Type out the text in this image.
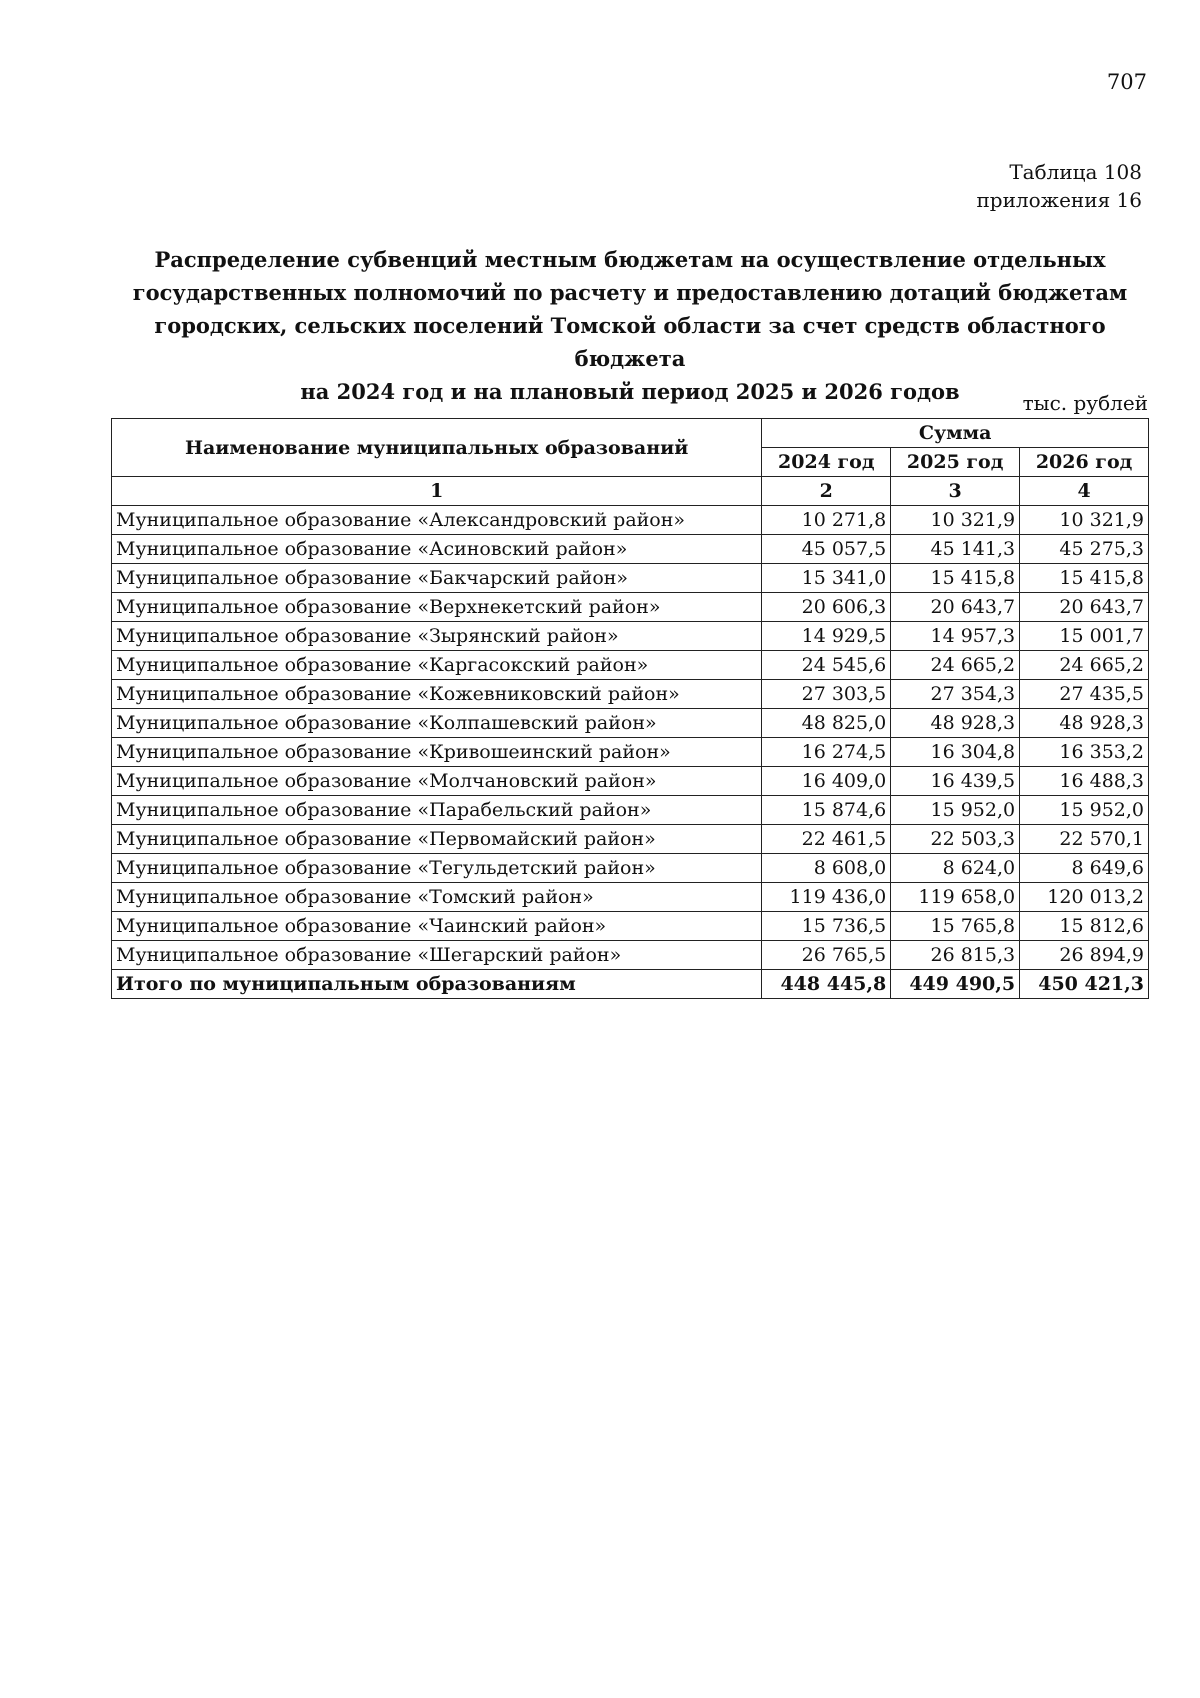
707
Таблица 108
приложения 16
Распределение субвенций местным бюджетам на осуществление отдельных
государственных полномочий по расчету и предоставлению дотаций бюджетам
городских, сельских поселений Томской области за счет средств областного бюджета
на 2024 год и на плановый период 2025 и 2026 годов	тыс. рублей
Наименование муниципальных образований	Сумма		
	2024 год	2025 год	2026 год
1	2	3	4
Муниципальное образование «Александровский район»	10 271,8	10 321,9	10 321,9
Муниципальное образование «Асиновский район»	45 057,5	45 141,3	45 275,3
Муниципальное образование «Бакчарский район»	15 341,0	15 415,8	15 415,8
Муниципальное образование «Верхнекетский район»	20 606,3	20 643,7	20 643,7
Муниципальное образование «Зырянский район»	14 929,5	14 957,3	15 001,7
Муниципальное образование «Каргасокский район»	24 545,6	24 665,2	24 665,2
Муниципальное образование «Кожевниковский район»	27 303,5	27 354,3	27 435,5
Муниципальное образование «Колпашевский район»	48 825,0	48 928,3	48 928,3
Муниципальное образование «Кривошеинский район»	16 274,5	16 304,8	16 353,2
Муниципальное образование «Молчановский район»	16 409,0	16 439,5	16 488,3
Муниципальное образование «Парабельский район»	15 874,6	15 952,0	15 952,0
Муниципальное образование «Первомайский район»	22 461,5	22 503,3	22 570,1
Муниципальное образование «Тегульдетский район»	8 608,0	8 624,0	8 649,6
Муниципальное образование «Томский район»	119 436,0	119 658,0	120 013,2
Муниципальное образование «Чаинский район»	15 736,5	15 765,8	15 812,6
Муниципальное образование «Шегарский район»	26 765,5	26 815,3	26 894,9
Итого по муниципальным образованиям	448 445,8	449 490,5	450 421,3
